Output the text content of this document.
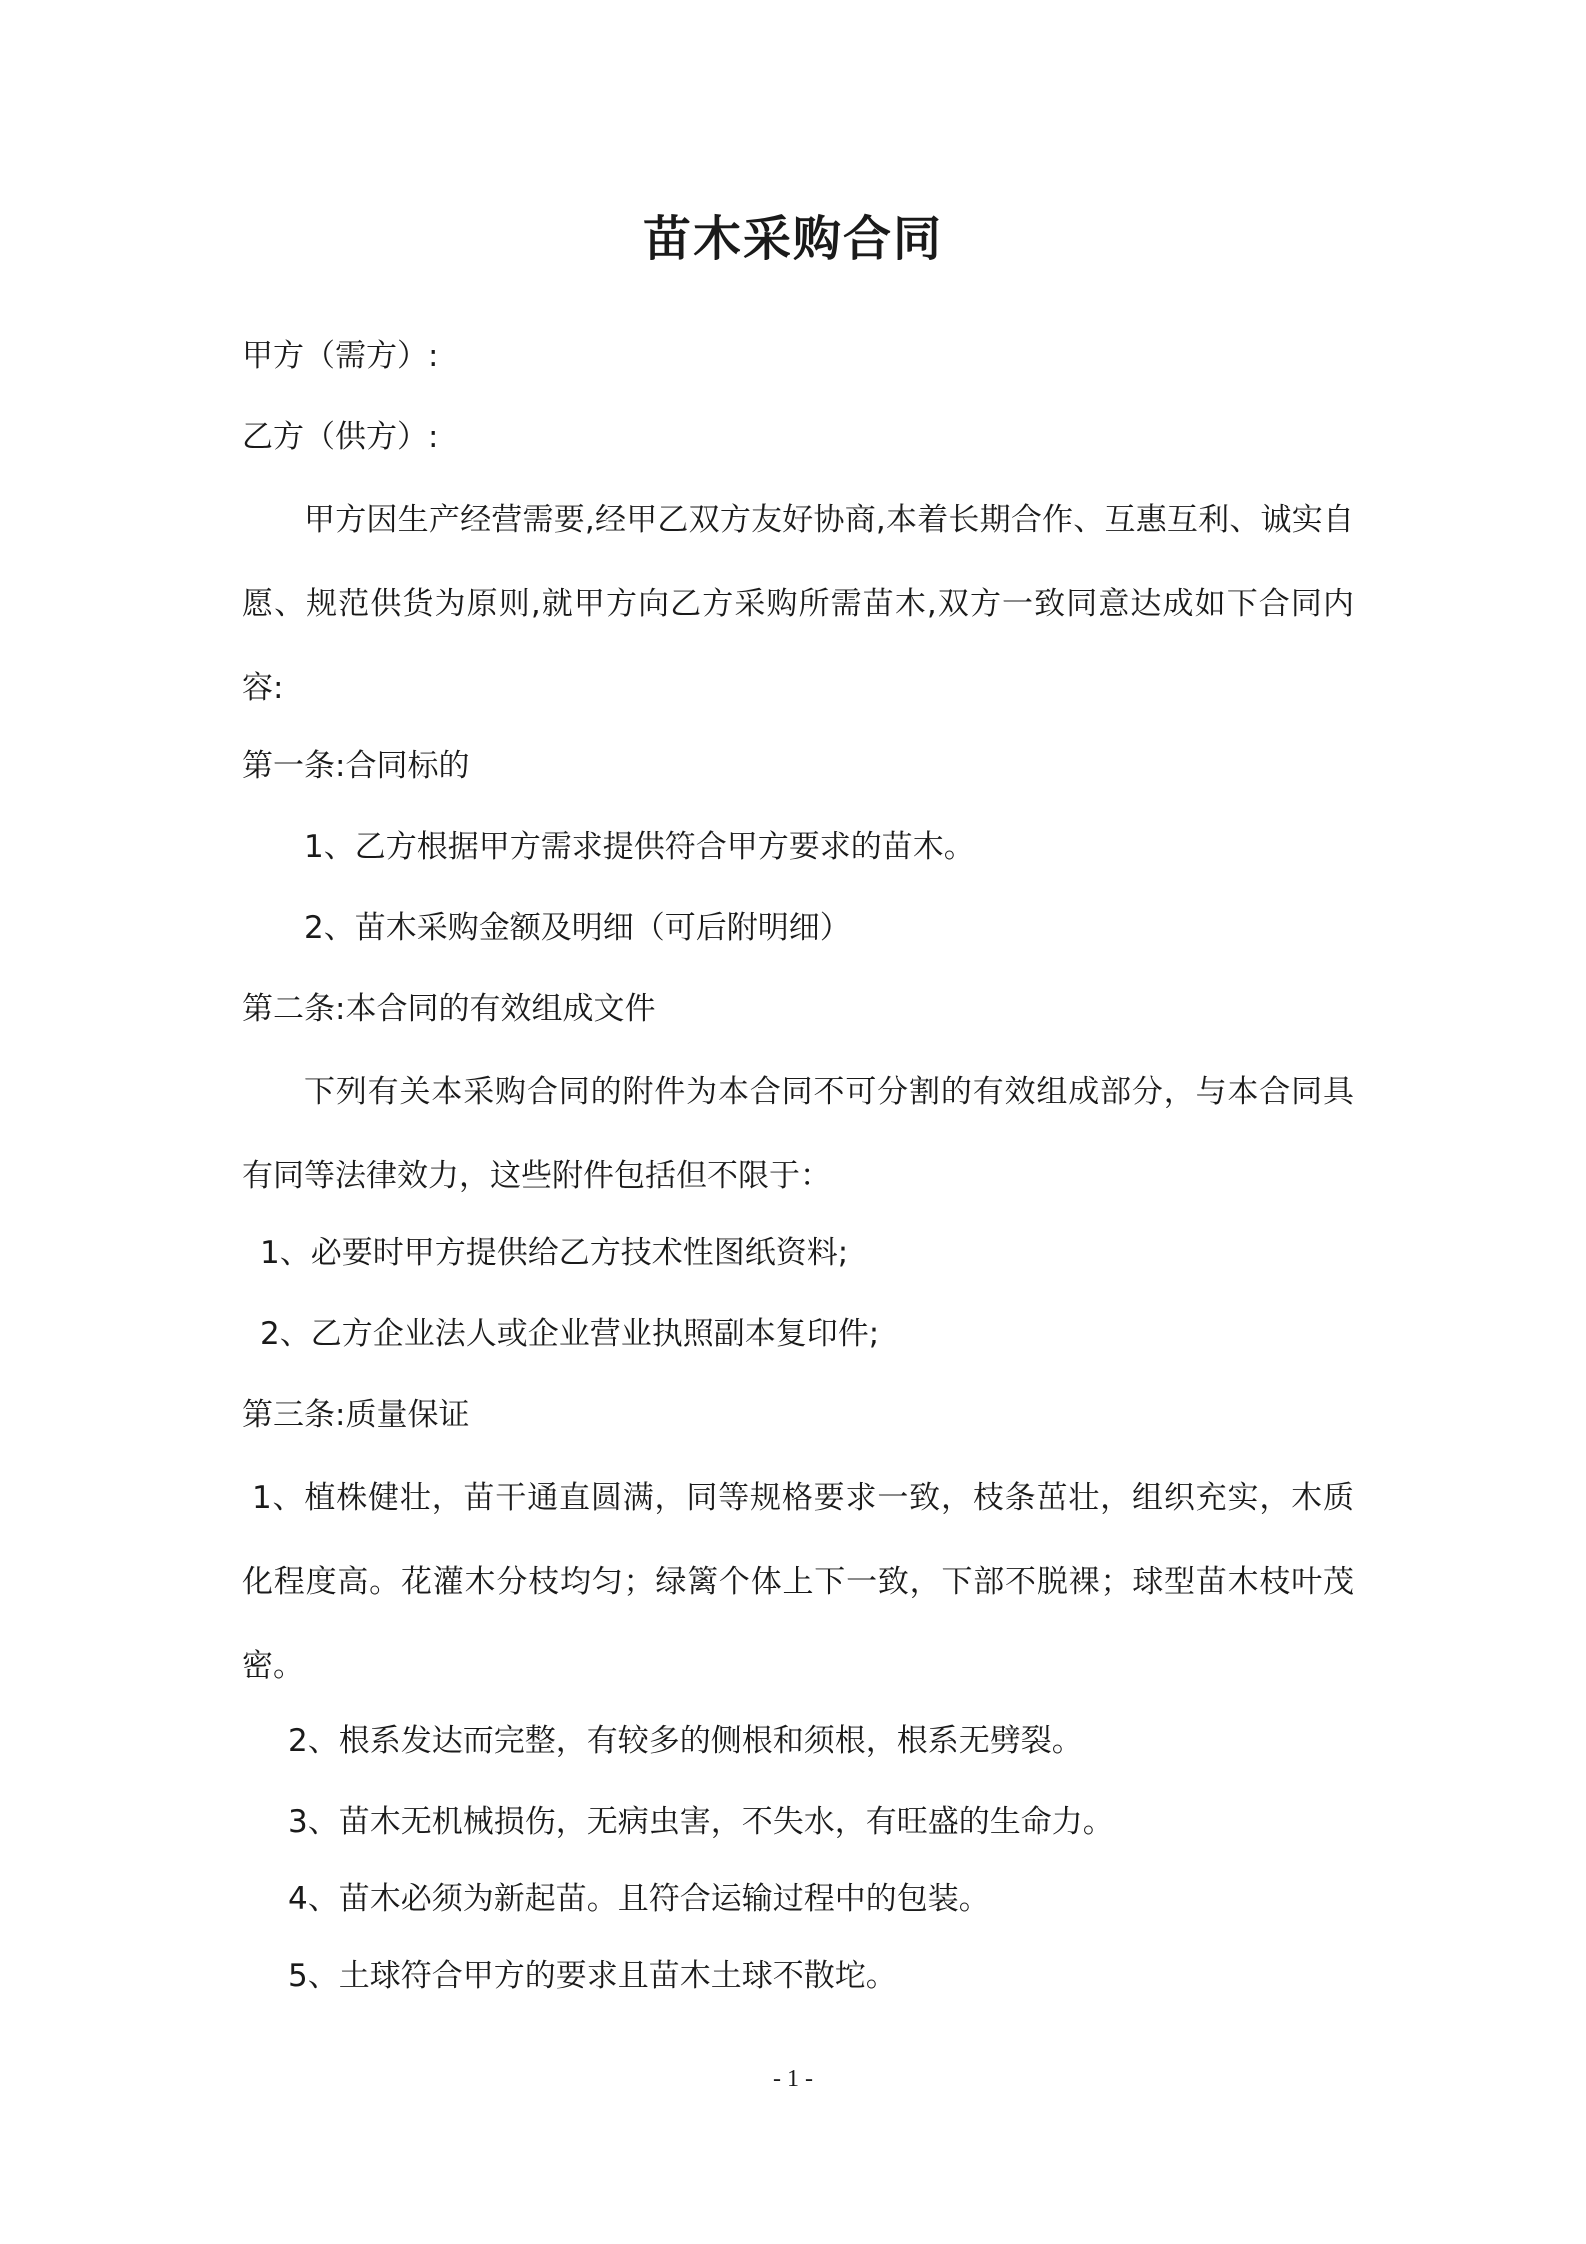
苗木采购合同
甲方（需方）:
乙方（供方）:

甲方因生产经营需要,经甲乙双方友好协商,本着长期合作、互惠互利、诚实自愿、规范供货为原则,就甲方向乙方采购所需苗木,双方一致同意达成如下合同内容:

第一条:合同标的
1、乙方根据甲方需求提供符合甲方要求的苗木。
2、苗木采购金额及明细（可后附明细）
第二条:本合同的有效组成文件

下列有关本采购合同的附件为本合同不可分割的有效组成部分，与本合同具有同等法律效力，这些附件包括但不限于：

1、必要时甲方提供给乙方技术性图纸资料;
2、乙方企业法人或企业营业执照副本复印件;
第三条:质量保证

1、植株健壮，苗干通直圆满，同等规格要求一致，枝条茁壮，组织充实，木质化程度高。花灌木分枝均匀；绿篱个体上下一致，下部不脱裸；球型苗木枝叶茂密。

2、根系发达而完整，有较多的侧根和须根，根系无劈裂。
3、苗木无机械损伤，无病虫害，不失水，有旺盛的生命力。
4、苗木必须为新起苗。且符合运输过程中的包装。
5、土球符合甲方的要求且苗木土球不散坨。
- 1 -
